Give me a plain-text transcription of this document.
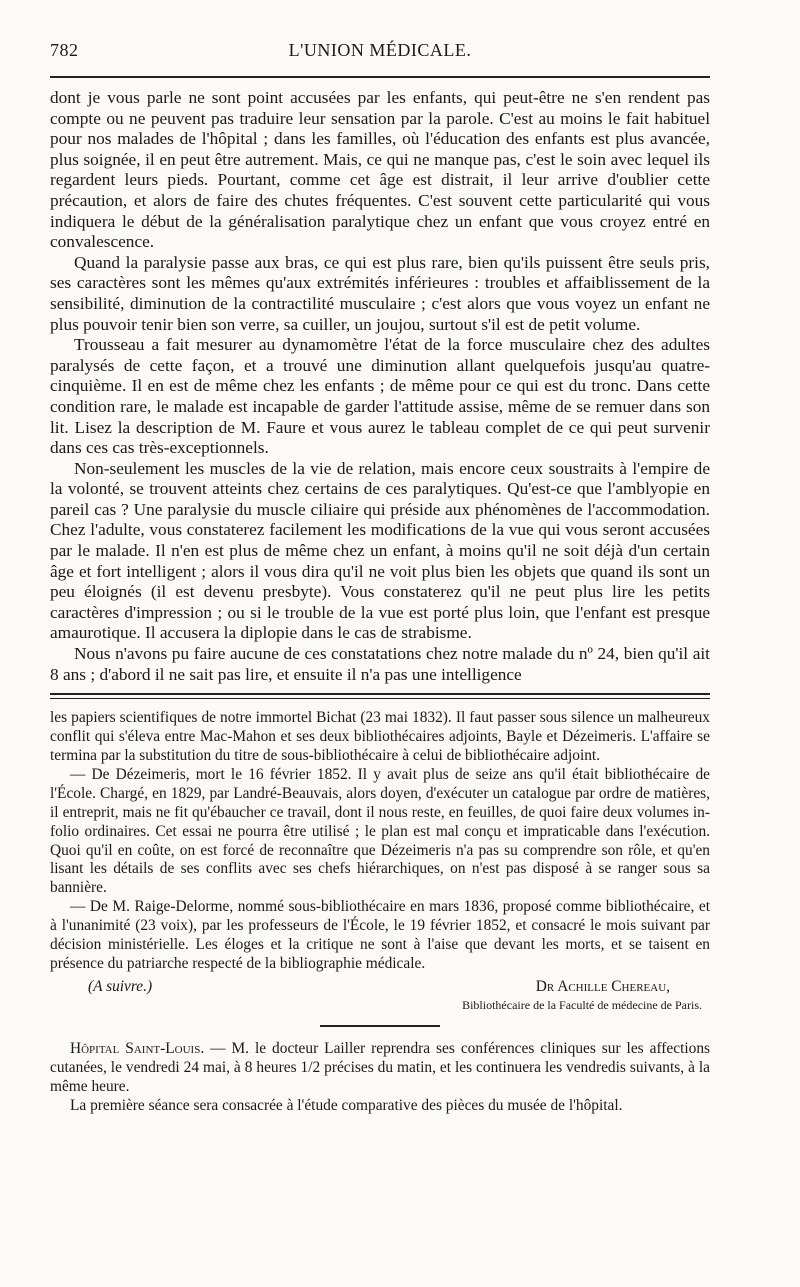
782	L'UNION MÉDICALE.

dont je vous parle ne sont point accusées par les enfants, qui peut-être ne s'en rendent pas compte ou ne peuvent pas traduire leur sensation par la parole. C'est au moins le fait habituel pour nos malades de l'hôpital ; dans les familles, où l'éducation des enfants est plus avancée, plus soignée, il en peut être autrement. Mais, ce qui ne manque pas, c'est le soin avec lequel ils regardent leurs pieds. Pourtant, comme cet âge est distrait, il leur arrive d'oublier cette précaution, et alors de faire des chutes fréquentes. C'est souvent cette particularité qui vous indiquera le début de la généralisation paralytique chez un enfant que vous croyez entré en convalescence.

Quand la paralysie passe aux bras, ce qui est plus rare, bien qu'ils puissent être seuls pris, ses caractères sont les mêmes qu'aux extrémités inférieures : troubles et affaiblissement de la sensibilité, diminution de la contractilité musculaire ; c'est alors que vous voyez un enfant ne plus pouvoir tenir bien son verre, sa cuiller, un joujou, surtout s'il est de petit volume.

Trousseau a fait mesurer au dynamomètre l'état de la force musculaire chez des adultes paralysés de cette façon, et a trouvé une diminution allant quelquefois jusqu'au quatre-cinquième. Il en est de même chez les enfants ; de même pour ce qui est du tronc. Dans cette condition rare, le malade est incapable de garder l'attitude assise, même de se remuer dans son lit. Lisez la description de M. Faure et vous aurez le tableau complet de ce qui peut survenir dans ces cas très-exceptionnels.

Non-seulement les muscles de la vie de relation, mais encore ceux soustraits à l'empire de la volonté, se trouvent atteints chez certains de ces paralytiques. Qu'est-ce que l'amblyopie en pareil cas ? Une paralysie du muscle ciliaire qui préside aux phénomènes de l'accommodation. Chez l'adulte, vous constaterez facilement les modifications de la vue qui vous seront accusées par le malade. Il n'en est plus de même chez un enfant, à moins qu'il ne soit déjà d'un certain âge et fort intelligent ; alors il vous dira qu'il ne voit plus bien les objets que quand ils sont un peu éloignés (il est devenu presbyte). Vous constaterez qu'il ne peut plus lire les petits caractères d'impression ; ou si le trouble de la vue est porté plus loin, que l'enfant est presque amaurotique. Il accusera la diplopie dans le cas de strabisme.

Nous n'avons pu faire aucune de ces constatations chez notre malade du nº 24, bien qu'il ait 8 ans ; d'abord il ne sait pas lire, et ensuite il n'a pas une intelligence

les papiers scientifiques de notre immortel Bichat (23 mai 1832). Il faut passer sous silence un malheureux conflit qui s'éleva entre Mac-Mahon et ses deux bibliothécaires adjoints, Bayle et Dézeimeris. L'affaire se termina par la substitution du titre de sous-bibliothécaire à celui de bibliothécaire adjoint.

— De Dézeimeris, mort le 16 février 1852. Il y avait plus de seize ans qu'il était bibliothécaire de l'École. Chargé, en 1829, par Landré-Beauvais, alors doyen, d'exécuter un catalogue par ordre de matières, il entreprit, mais ne fit qu'ébaucher ce travail, dont il nous reste, en feuilles, de quoi faire deux volumes in-folio ordinaires. Cet essai ne pourra être utilisé ; le plan est mal conçu et impraticable dans l'exécution. Quoi qu'il en coûte, on est forcé de reconnaître que Dézeimeris n'a pas su comprendre son rôle, et qu'en lisant les détails de ses conflits avec ses chefs hiérarchiques, on n'est pas disposé à se ranger sous sa bannière.

— De M. Raige-Delorme, nommé sous-bibliothécaire en mars 1836, proposé comme bibliothécaire, et à l'unanimité (23 voix), par les professeurs de l'École, le 19 février 1852, et consacré le mois suivant par décision ministérielle. Les éloges et la critique ne sont à l'aise que devant les morts, et se taisent en présence du patriarche respecté de la bibliographie médicale.

(A suivre.)	Dr Achille Chereau,
Bibliothécaire de la Faculté de médecine de Paris.

Hôpital Saint-Louis. — M. le docteur Lailler reprendra ses conférences cliniques sur les affections cutanées, le vendredi 24 mai, à 8 heures 1/2 précises du matin, et les continuera les vendredis suivants, à la même heure.

La première séance sera consacrée à l'étude comparative des pièces du musée de l'hôpital.
